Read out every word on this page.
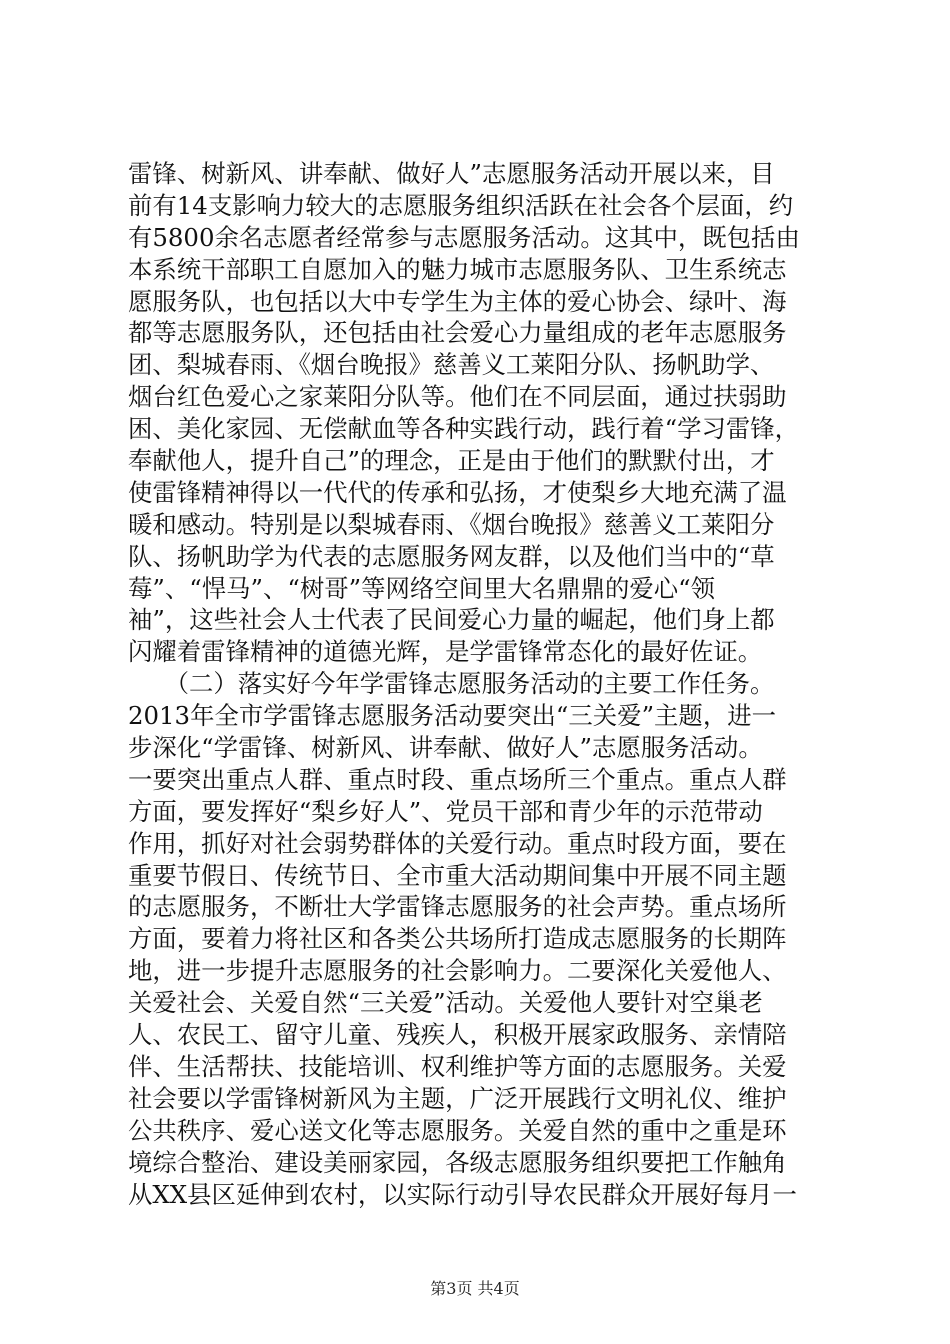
雷锋、树新风、讲奉献、做好人”志愿服务活动开展以来，目
前有14支影响力较大的志愿服务组织活跃在社会各个层面，约
有5800余名志愿者经常参与志愿服务活动。这其中，既包括由
本系统干部职工自愿加入的魅力城市志愿服务队、卫生系统志
愿服务队，也包括以大中专学生为主体的爱心协会、绿叶、海
都等志愿服务队，还包括由社会爱心力量组成的老年志愿服务
团、梨城春雨、《烟台晚报》慈善义工莱阳分队、扬帆助学、
烟台红色爱心之家莱阳分队等。他们在不同层面，通过扶弱助
困、美化家园、无偿献血等各种实践行动，践行着“学习雷锋，
奉献他人，提升自己”的理念，正是由于他们的默默付出，才
使雷锋精神得以一代代的传承和弘扬，才使梨乡大地充满了温
暖和感动。特别是以梨城春雨、《烟台晚报》慈善义工莱阳分
队、扬帆助学为代表的志愿服务网友群，以及他们当中的“草
莓”、“悍马”、“树哥”等网络空间里大名鼎鼎的爱心“领
袖”，这些社会人士代表了民间爱心力量的崛起，他们身上都
闪耀着雷锋精神的道德光辉，是学雷锋常态化的最好佐证。
　　（二）落实好今年学雷锋志愿服务活动的主要工作任务。
2013年全市学雷锋志愿服务活动要突出“三关爱”主题，进一
步深化“学雷锋、树新风、讲奉献、做好人”志愿服务活动。
一要突出重点人群、重点时段、重点场所三个重点。重点人群
方面，要发挥好“梨乡好人”、党员干部和青少年的示范带动
作用，抓好对社会弱势群体的关爱行动。重点时段方面，要在
重要节假日、传统节日、全市重大活动期间集中开展不同主题
的志愿服务，不断壮大学雷锋志愿服务的社会声势。重点场所
方面，要着力将社区和各类公共场所打造成志愿服务的长期阵
地，进一步提升志愿服务的社会影响力。二要深化关爱他人、
关爱社会、关爱自然“三关爱”活动。关爱他人要针对空巢老
人、农民工、留守儿童、残疾人，积极开展家政服务、亲情陪
伴、生活帮扶、技能培训、权利维护等方面的志愿服务。关爱
社会要以学雷锋树新风为主题，广泛开展践行文明礼仪、维护
公共秩序、爱心送文化等志愿服务。关爱自然的重中之重是环
境综合整治、建设美丽家园，各级志愿服务组织要把工作触角
从XX县区延伸到农村，以实际行动引导农民群众开展好每月一
第3页 共4页
